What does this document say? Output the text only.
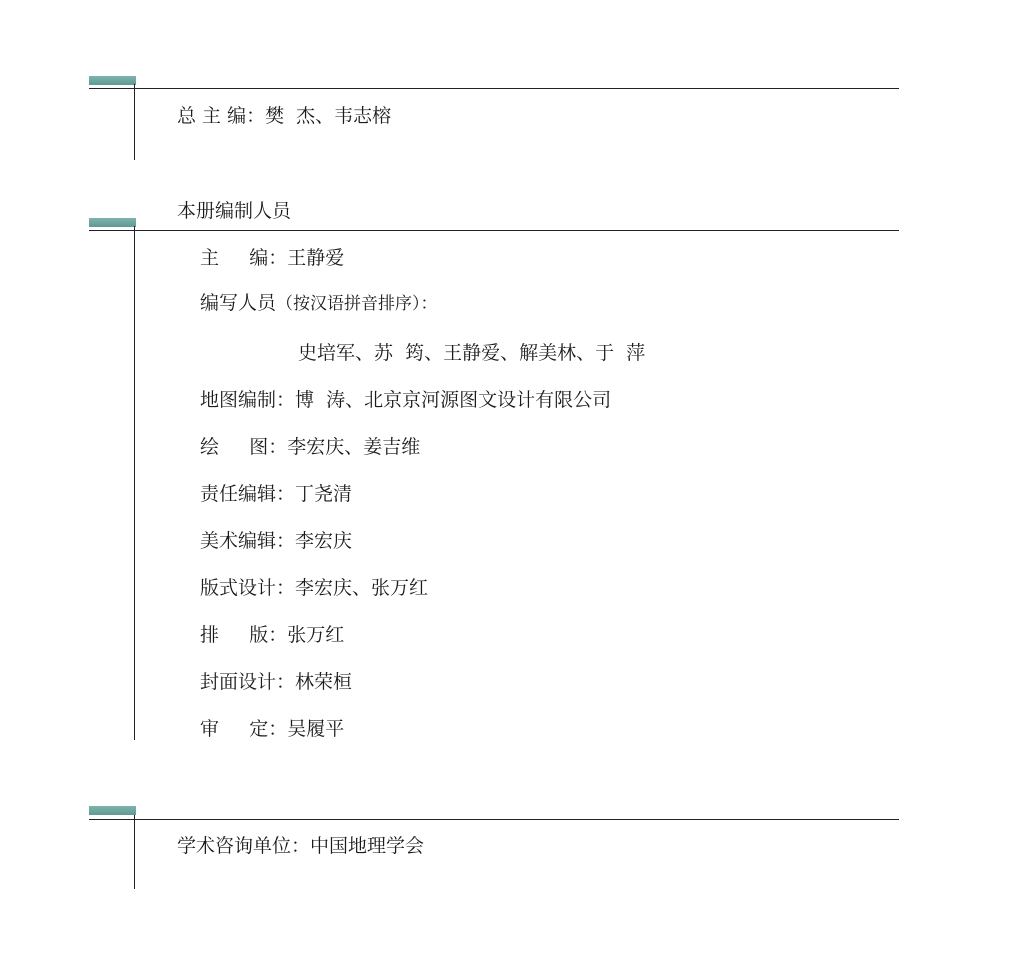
总 主 编：樊  杰、韦志榕
本册编制人员
主     编：王静爱
编写人员（按汉语拼音排序）：
史培军、苏  筠、王静爱、解美林、于  萍
地图编制：博  涛、北京京河源图文设计有限公司
绘     图：李宏庆、姜吉维
责任编辑：丁尧清
美术编辑：李宏庆
版式设计：李宏庆、张万红
排     版：张万红
封面设计：林荣桓
审     定：吴履平
学术咨询单位：中国地理学会
